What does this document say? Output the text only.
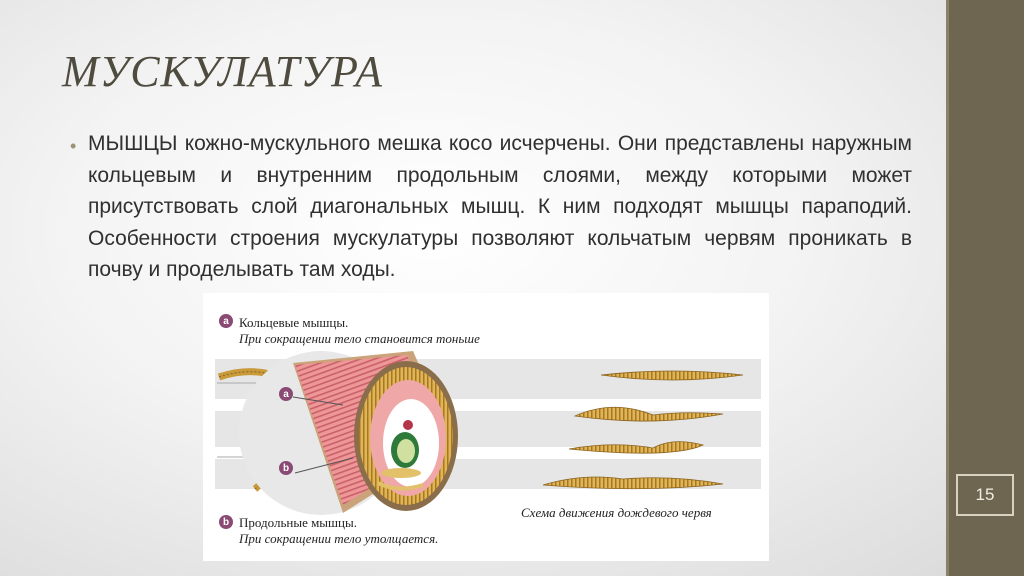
15
МУСКУЛАТУРА
• МЫШЦЫ кожно-мускульного мешка косо исчерчены. Они представлены наружным кольцевым и внутренним продольным слоями, между которыми может присутствовать слой диагональных мышц. К ним подходят мышцы параподий. Особенности строения мускулатуры позволяют кольчатым червям проникать в почву и проделывать там ходы.
a Кольцевые мышцы.
При сокращении тело становится тоньше
a
b
b Продольные мышцы.
При сокращении тело утолщается.
Схема движения дождевого червя
